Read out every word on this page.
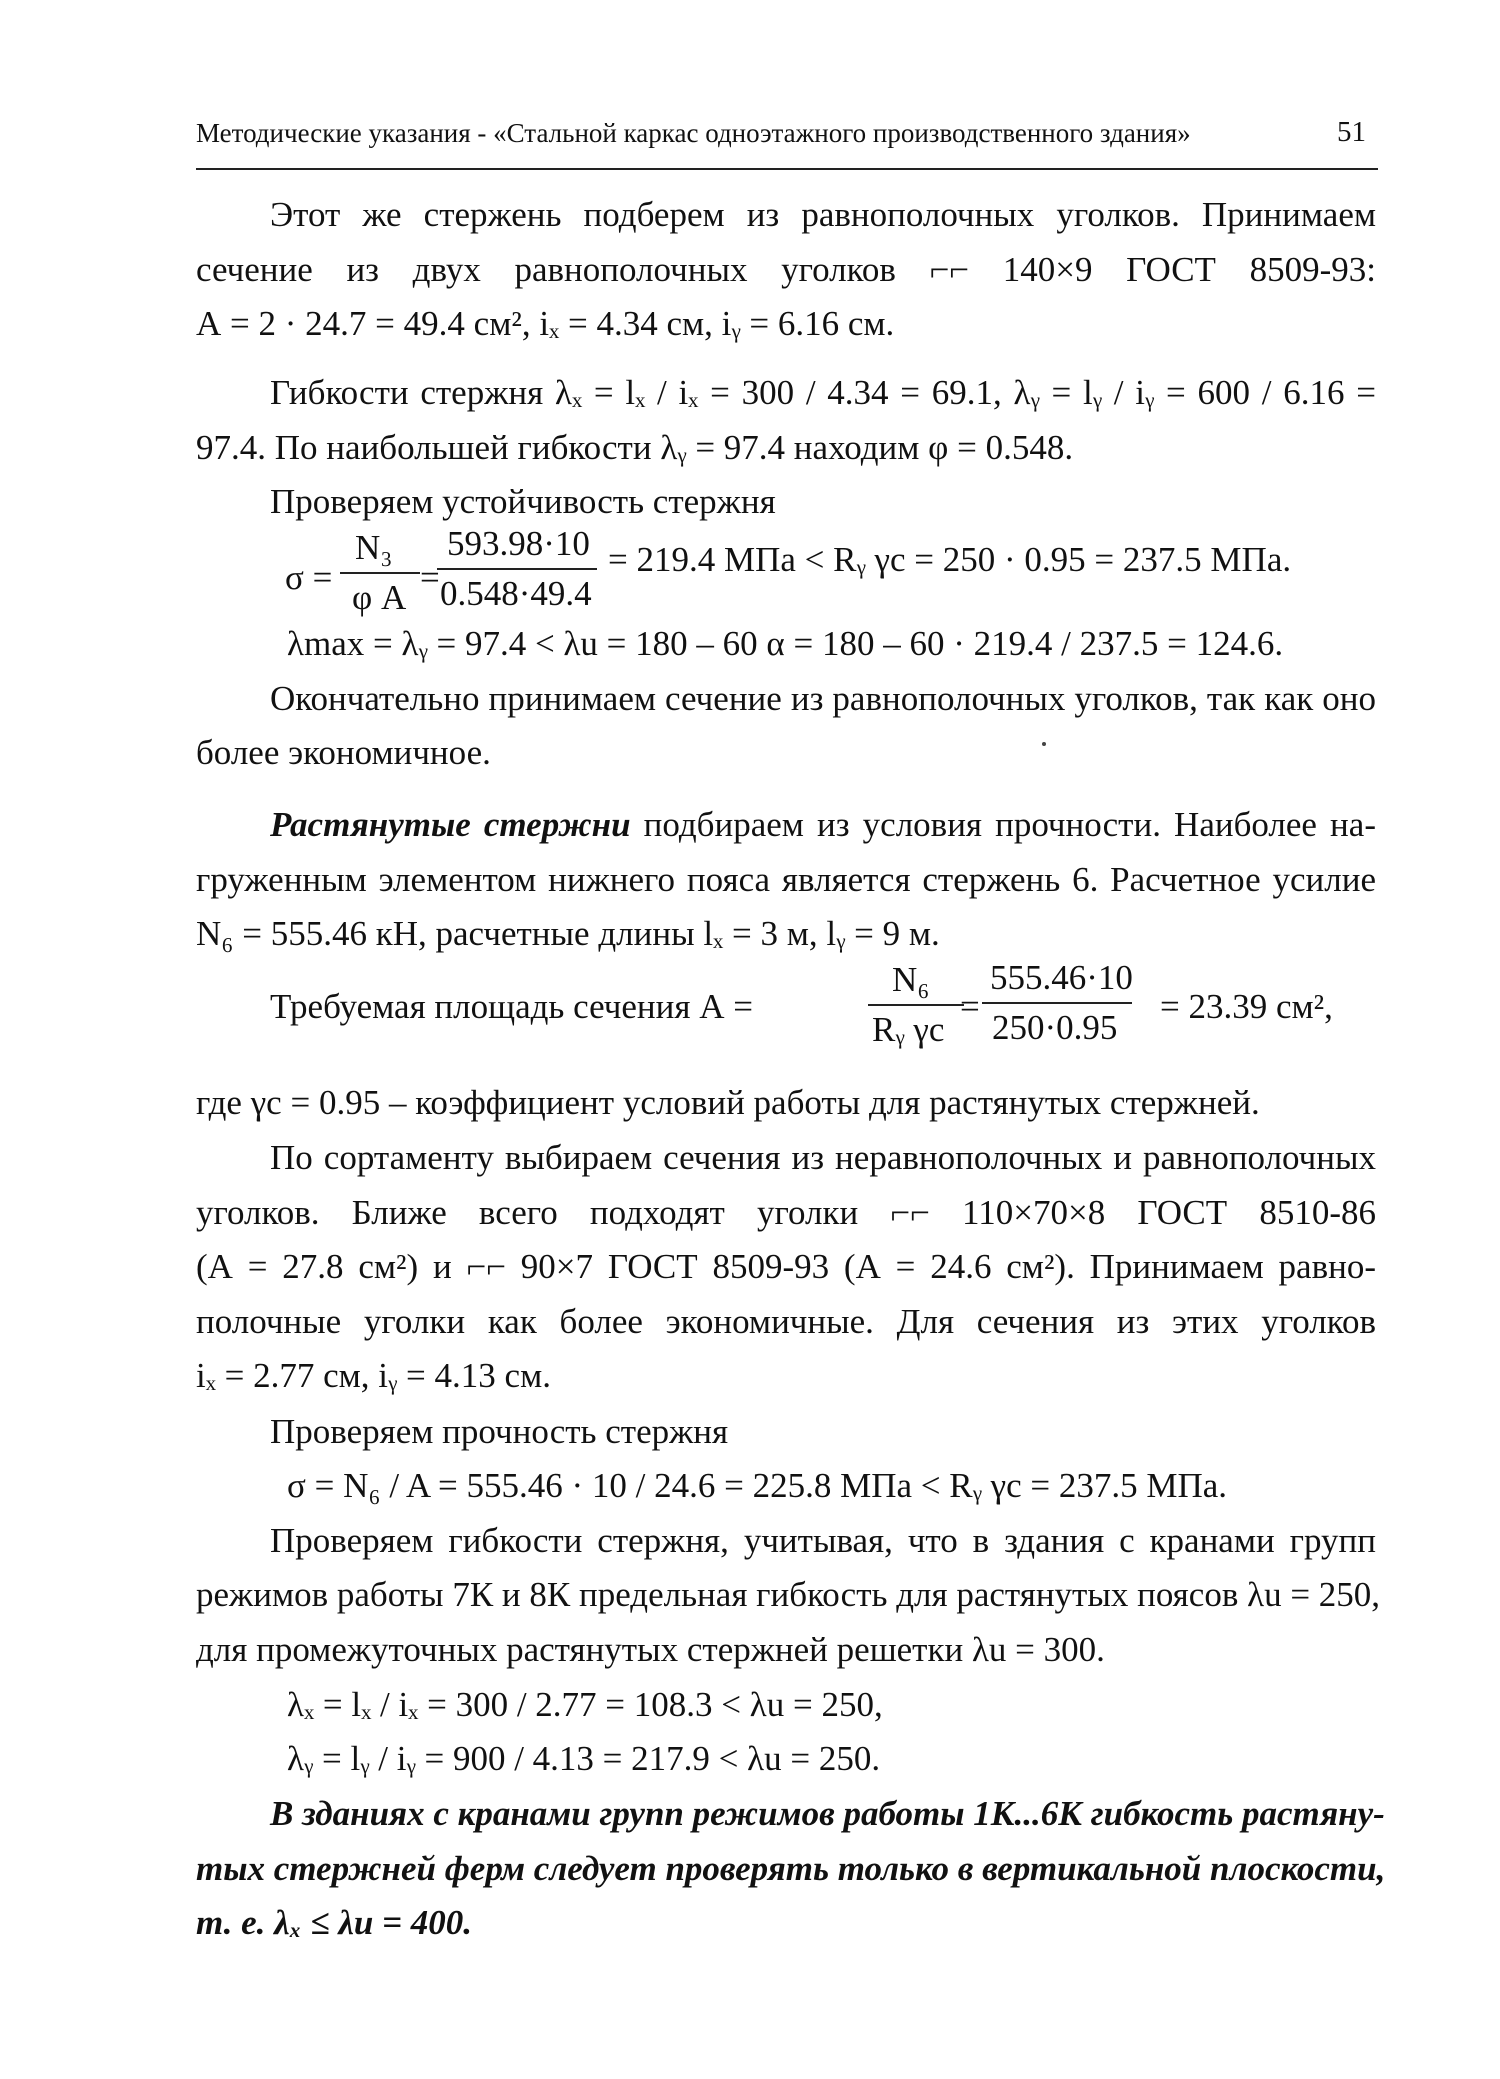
Методические указания - «Стальной каркас одноэтажного производственного здания»	51
Этот же стержень подберем из равнополочных уголков. Принимаем
сечение из двух равнополочных уголков ⌐⌐ 140×9 ГОСТ 8509-93:
А = 2 · 24.7 = 49.4 см², iₓ = 4.34 см, iᵧ = 6.16 см.
Гибкости стержня λₓ = lₓ / iₓ = 300 / 4.34 = 69.1, λᵧ = lᵧ / iᵧ = 600 / 6.16 =
97.4. По наибольшей гибкости λᵧ = 97.4 находим φ = 0.548.
Проверяем устойчивость стержня
σ =
N₃
φ A
=
593.98·10
0.548·49.4
= 219.4 МПа < Rᵧ γc = 250 · 0.95 = 237.5 МПа.
λmax = λᵧ = 97.4 < λu = 180 – 60 α = 180 – 60 · 219.4 / 237.5 = 124.6.
Окончательно принимаем сечение из равнополочных уголков, так как оно
более экономичное.
Растянутые стержни подбираем из условия прочности. Наиболее на-
груженным элементом нижнего пояса является стержень 6. Расчетное усилие
N₆ = 555.46 кН, расчетные длины lₓ = 3 м, lᵧ = 9 м.
Требуемая площадь сечения А =
N₆
Rᵧ γc
=
555.46·10
250·0.95
= 23.39 см²,
где γc = 0.95 – коэффициент условий работы для растянутых стержней.
По сортаменту выбираем сечения из неравнополочных и равнополочных
уголков. Ближе всего подходят уголки ⌐⌐ 110×70×8 ГОСТ 8510-86
(А = 27.8 см²) и ⌐⌐ 90×7 ГОСТ 8509-93 (А = 24.6 см²). Принимаем равно-
полочные уголки как более экономичные. Для сечения из этих уголков
iₓ = 2.77 см, iᵧ = 4.13 см.
Проверяем прочность стержня
σ = N₆ / A = 555.46 · 10 / 24.6 = 225.8 МПа < Rᵧ γc = 237.5 МПа.
Проверяем гибкости стержня, учитывая, что в здания с кранами групп
режимов работы 7К и 8К предельная гибкость для растянутых поясов λu = 250,
для промежуточных растянутых стержней решетки λu = 300.
λₓ = lₓ / iₓ = 300 / 2.77 = 108.3 < λu = 250,
λᵧ = lᵧ / iᵧ = 900 / 4.13 = 217.9 < λu = 250.
В зданиях с кранами групп режимов работы 1К...6К гибкость растяну-
тых стержней ферм следует проверять только в вертикальной плоскости,
т. е. λₓ ≤ λu = 400.
